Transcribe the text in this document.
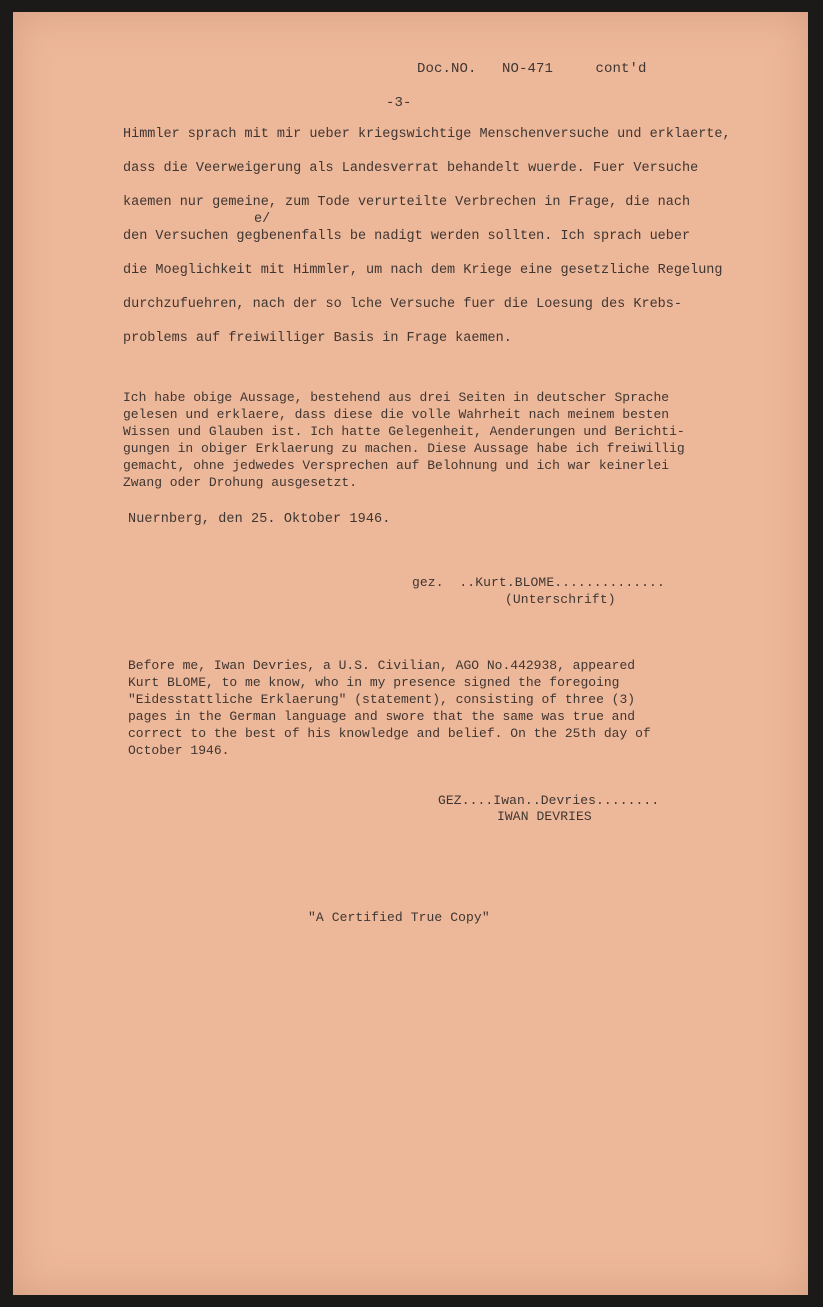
Doc.NO.   NO-471     cont'd
-3-
Himmler sprach mit mir ueber kriegswichtige Menschenversuche und erklaerte,
dass die Veerweigerung als Landesverrat behandelt wuerde. Fuer Versuche
kaemen nur gemeine, zum Tode verurteilte Verbrechen in Frage, die nach
e/
den Versuchen gegbenenfalls be nadigt werden sollten. Ich sprach ueber
die Moeglichkeit mit Himmler, um nach dem Kriege eine gesetzliche Regelung
durchzufuehren, nach der so lche Versuche fuer die Loesung des Krebs-
problems auf freiwilliger Basis in Frage kaemen.
Ich habe obige Aussage, bestehend aus drei Seiten in deutscher Sprache
gelesen und erklaere, dass diese die volle Wahrheit nach meinem besten
Wissen und Glauben ist. Ich hatte Gelegenheit, Aenderungen und Berichti-
gungen in obiger Erklaerung zu machen. Diese Aussage habe ich freiwillig
gemacht, ohne jedwedes Versprechen auf Belohnung und ich war keinerlei
Zwang oder Drohung ausgesetzt.
Nuernberg, den 25. Oktober 1946.
gez.  ..Kurt.BLOME..............
(Unterschrift)
Before me, Iwan Devries, a U.S. Civilian, AGO No.442938, appeared
Kurt BLOME, to me know, who in my presence signed the foregoing
"Eidesstattliche Erklaerung" (statement), consisting of three (3)
pages in the German language and swore that the same was true and
correct to the best of his knowledge and belief. On the 25th day of
October 1946.
GEZ....Iwan..Devries........
IWAN DEVRIES
"A Certified True Copy"
